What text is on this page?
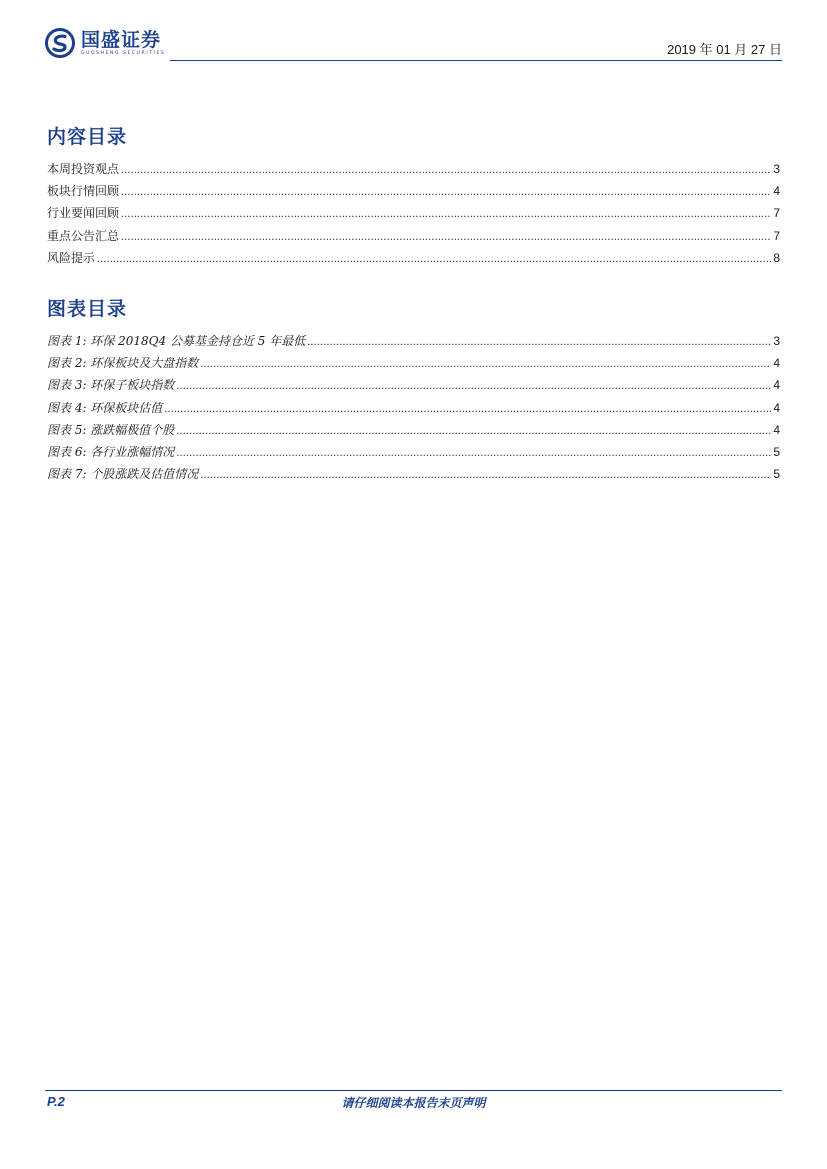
国盛证券
GUOSHENG SECURITIES	2019 年 01 月 27 日
内容目录
本周投资观点 .....	3
板块行情回顾 .....	4
行业要闻回顾 .....	7
重点公告汇总 .....	7
风险提示 .....	8
图表目录
图表 1: 环保 2018Q4 公募基金持仓近 5 年最低 .....	3
图表 2: 环保板块及大盘指数 .....	4
图表 3: 环保子板块指数 .....	4
图表 4: 环保板块估值 .....	4
图表 5: 涨跌幅极值个股 .....	4
图表 6: 各行业涨幅情况 .....	5
图表 7: 个股涨跌及估值情况 .....	5
P.2	请仔细阅读本报告末页声明
